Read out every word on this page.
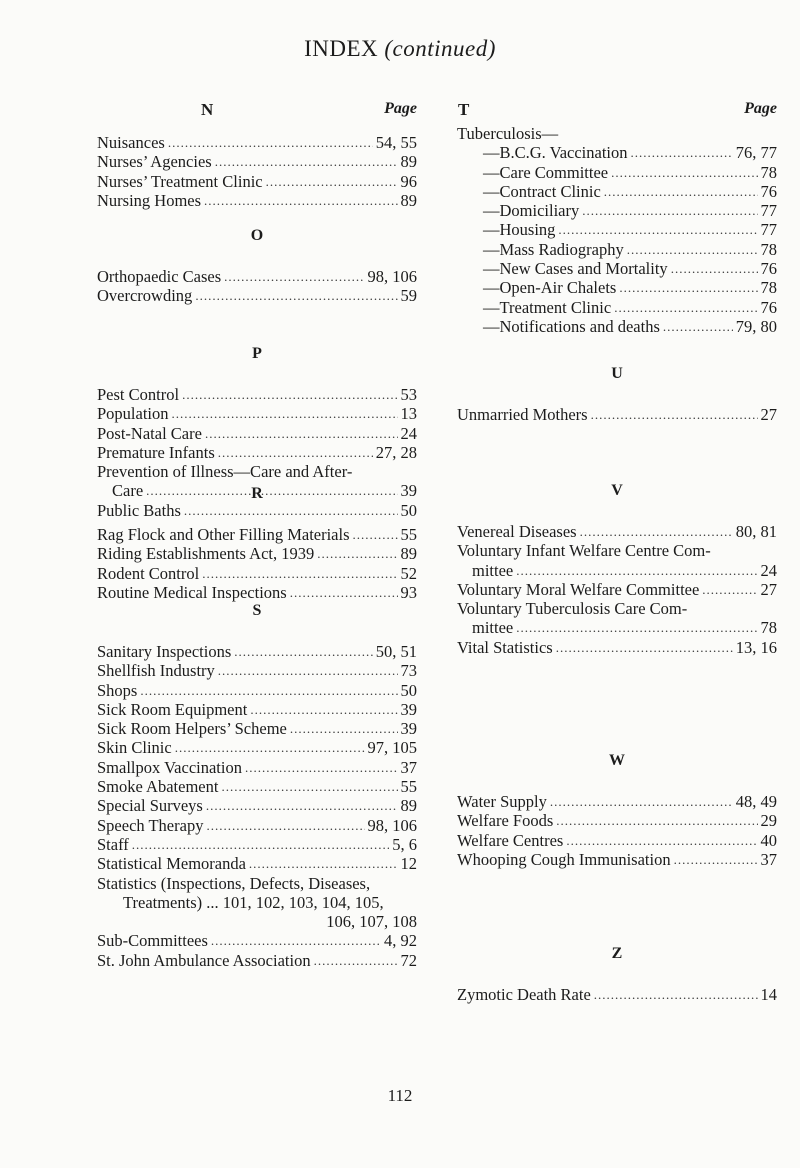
INDEX (continued)
N	Page
Nuisances .....	54, 55
Nurses’ Agencies .....	89
Nurses’ Treatment Clinic .....	96
Nursing Homes .....	89
O
Orthopaedic Cases .....	98, 106
Overcrowding .....	59
P
Pest Control .....	53
Population .....	13
Post-Natal Care .....	24
Premature Infants .....	27, 28
Prevention of Illness—Care and After-
Care .....	39
Public Baths .....	50
R
Rag Flock and Other Filling Materials .....	55
Riding Establishments Act, 1939 .....	89
Rodent Control .....	52
Routine Medical Inspections .....	93
S
Sanitary Inspections .....	50, 51
Shellfish Industry .....	73
Shops .....	50
Sick Room Equipment .....	39
Sick Room Helpers’ Scheme .....	39
Skin Clinic .....	97, 105
Smallpox Vaccination .....	37
Smoke Abatement .....	55
Special Surveys .....	89
Speech Therapy .....	98, 106
Staff .....	5, 6
Statistical Memoranda .....	12
Statistics (Inspections, Defects, Diseases,
Treatments) ... 101, 102, 103, 104, 105,
106, 107, 108
Sub-Committees .....	4, 92
St. John Ambulance Association .....	72
T	Page
Tuberculosis—
—B.C.G. Vaccination .....	76, 77
—Care Committee .....	78
—Contract Clinic .....	76
—Domiciliary .....	77
—Housing .....	77
—Mass Radiography .....	78
—New Cases and Mortality .....	76
—Open-Air Chalets .....	78
—Treatment Clinic .....	76
—Notifications and deaths .....	79, 80
U
Unmarried Mothers .....	27
V
Venereal Diseases .....	80, 81
Voluntary Infant Welfare Centre Com-
mittee .....	24
Voluntary Moral Welfare Committee .....	27
Voluntary Tuberculosis Care Com-
mittee .....	78
Vital Statistics .....	13, 16
W
Water Supply .....	48, 49
Welfare Foods .....	29
Welfare Centres .....	40
Whooping Cough Immunisation .....	37
Z
Zymotic Death Rate .....	14
112
